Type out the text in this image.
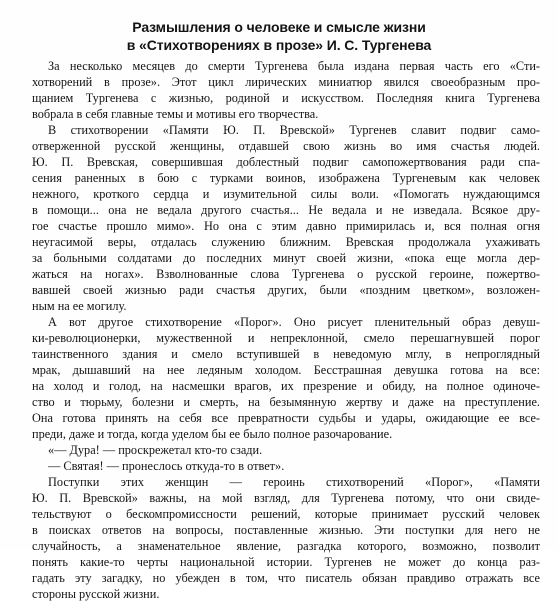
Размышления о человеке и смысле жизни
в «Стихотворениях в прозе» И. С. Тургенева
За несколько месяцев до смерти Тургенева была издана первая часть его «Сти-
хотворений в прозе». Этот цикл лирических миниатюр явился своеобразным про-
щанием Тургенева с жизнью, родиной и искусством. Последняя книга Тургенева
вобрала в себя главные темы и мотивы его творчества.
В стихотворении «Памяти Ю. П. Вревской» Тургенев славит подвиг само-
отверженной русской женщины, отдавшей свою жизнь во имя счастья людей.
Ю. П. Вревская, совершившая доблестный подвиг самопожертвования ради спа-
сения раненных в бою с турками воинов, изображена Тургеневым как человек
нежного, кроткого сердца и изумительной силы воли. «Помогать нуждающимся
в помощи... она не ведала другого счастья... Не ведала и не изведала. Всякое дру-
гое счастье прошло мимо». Но она с этим давно примирилась и, вся полная огня
неугасимой веры, отдалась служению ближним. Вревская продолжала ухаживать
за больными солдатами до последних минут своей жизни, «пока еще могла дер-
жаться на ногах». Взволнованные слова Тургенева о русской героине, пожертво-
вавшей своей жизнью ради счастья других, были «поздним цветком», возложен-
ным на ее могилу.
А вот другое стихотворение «Порог». Оно рисует пленительный образ девуш-
ки-революционерки, мужественной и непреклонной, смело перешагнувшей порог
таинственного здания и смело вступившей в неведомую мглу, в непроглядный
мрак, дышавший на нее ледяным холодом. Бесстрашная девушка готова на все:
на холод и голод, на насмешки врагов, их презрение и обиду, на полное одиноче-
ство и тюрьму, болезни и смерть, на безымянную жертву и даже на преступление.
Она готова принять на себя все превратности судьбы и удары, ожидающие ее все-
преди, даже и тогда, когда уделом бы ее было полное разочарование.
«— Дура! — проскрежетал кто-то сзади.
— Святая! — пронеслось откуда-то в ответ».
Поступки этих женщин — героинь стихотворений «Порог», «Памяти
Ю. П. Вревской» важны, на мой взгляд, для Тургенева потому, что они свиде-
тельствуют о бескомпромиссности решений, которые принимает русский человек
в поисках ответов на вопросы, поставленные жизнью. Эти поступки для него не
случайность, а знаменательное явление, разгадка которого, возможно, позволит
понять какие-то черты национальной истории. Тургенев не может до конца раз-
гадать эту загадку, но убежден в том, что писатель обязан правдиво отражать все
стороны русской жизни.
